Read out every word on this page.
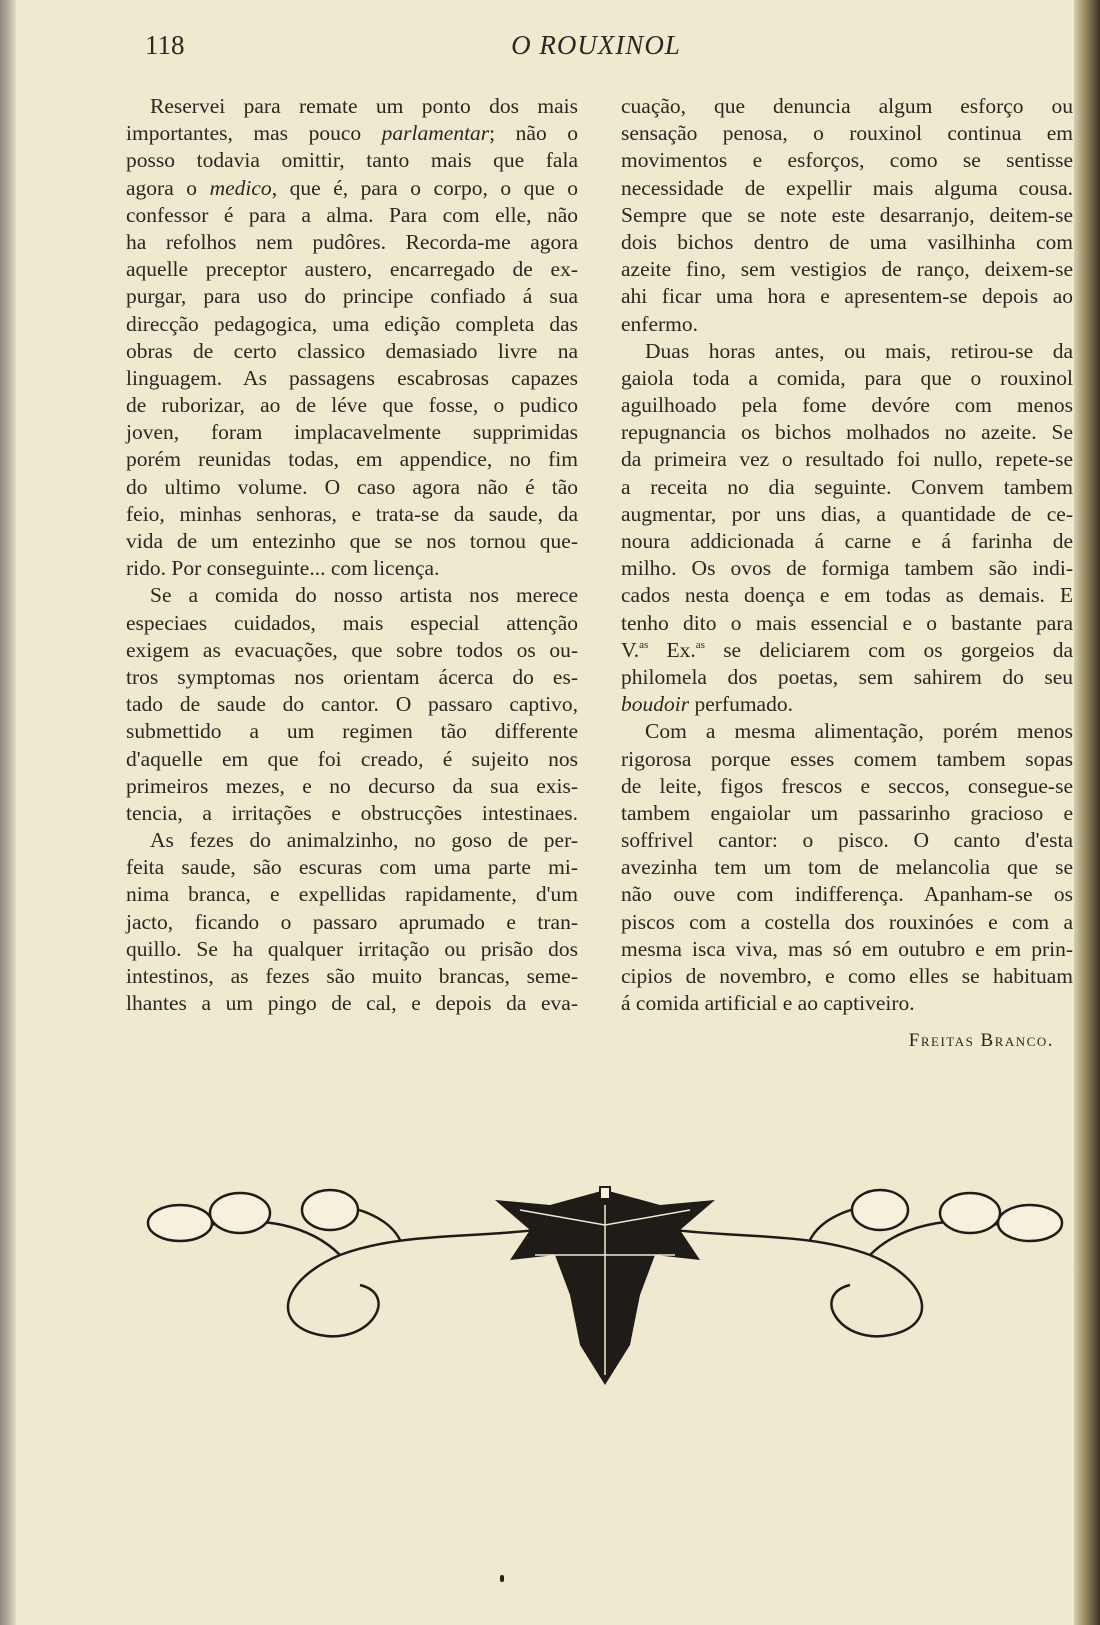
118	O ROUXINOL
Reservei para remate um ponto dos mais
importantes, mas pouco parlamentar; não o
posso todavia omittir, tanto mais que fala
agora o medico, que é, para o corpo, o que o
confessor é para a alma. Para com elle, não
ha refolhos nem pudôres. Recorda-me agora
aquelle preceptor austero, encarregado de ex-
purgar, para uso do principe confiado á sua
direcção pedagogica, uma edição completa das
obras de certo classico demasiado livre na
linguagem. As passagens escabrosas capazes
de ruborizar, ao de léve que fosse, o pudico
joven, foram implacavelmente supprimidas
porém reunidas todas, em appendice, no fim
do ultimo volume. O caso agora não é tão
feio, minhas senhoras, e trata-se da saude, da
vida de um entezinho que se nos tornou que-
rido. Por conseguinte... com licença.
Se a comida do nosso artista nos merece
especiaes cuidados, mais especial attenção
exigem as evacuações, que sobre todos os ou-
tros symptomas nos orientam ácerca do es-
tado de saude do cantor. O passaro captivo,
submettido a um regimen tão differente
d'aquelle em que foi creado, é sujeito nos
primeiros mezes, e no decurso da sua exis-
tencia, a irritações e obstrucções intestinaes.
As fezes do animalzinho, no goso de per-
feita saude, são escuras com uma parte mi-
nima branca, e expellidas rapidamente, d'um
jacto, ficando o passaro aprumado e tran-
quillo. Se ha qualquer irritação ou prisão dos
intestinos, as fezes são muito brancas, seme-
lhantes a um pingo de cal, e depois da eva-
cuação, que denuncia algum esforço ou
sensação penosa, o rouxinol continua em
movimentos e esforços, como se sentisse
necessidade de expellir mais alguma cousa.
Sempre que se note este desarranjo, deitem-se
dois bichos dentro de uma vasilhinha com
azeite fino, sem vestigios de ranço, deixem-se
ahi ficar uma hora e apresentem-se depois ao
enfermo.
Duas horas antes, ou mais, retirou-se da
gaiola toda a comida, para que o rouxinol
aguilhoado pela fome devóre com menos
repugnancia os bichos molhados no azeite. Se
da primeira vez o resultado foi nullo, repete-se
a receita no dia seguinte. Convem tambem
augmentar, por uns dias, a quantidade de ce-
noura addicionada á carne e á farinha de
milho. Os ovos de formiga tambem são indi-
cados nesta doença e em todas as demais. E
tenho dito o mais essencial e o bastante para
V.$^{as}$ Ex.$^{as}$ se deliciarem com os gorgeios da
philomela dos poetas, sem sahirem do seu
boudoir perfumado.
Com a mesma alimentação, porém menos
rigorosa porque esses comem tambem sopas
de leite, figos frescos e seccos, consegue-se
tambem engaiolar um passarinho gracioso e
soffrivel cantor: o pisco. O canto d'esta
avezinha tem um tom de melancolia que se
não ouve com indifferença. Apanham-se os
piscos com a costella dos rouxinóes e com a
mesma isca viva, mas só em outubro e em prin-
cipios de novembro, e como elles se habituam
á comida artificial e ao captiveiro.
Freitas Branco.
